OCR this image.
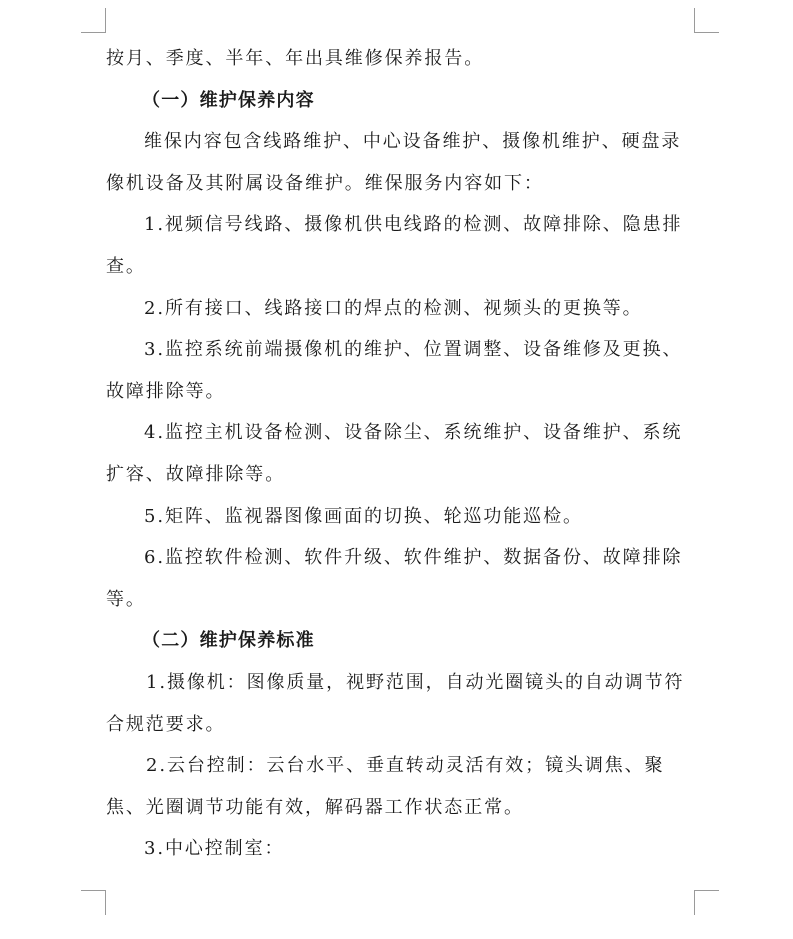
按月、季度、半年、年出具维修保养报告。

（一）维护保养内容

维保内容包含线路维护、中心设备维护、摄像机维护、硬盘录像机设备及其附属设备维护。维保服务内容如下：

1.视频信号线路、摄像机供电线路的检测、故障排除、隐患排查。

2.所有接口、线路接口的焊点的检测、视频头的更换等。

3.监控系统前端摄像机的维护、位置调整、设备维修及更换、故障排除等。

4.监控主机设备检测、设备除尘、系统维护、设备维护、系统扩容、故障排除等。

5.矩阵、监视器图像画面的切换、轮巡功能巡检。

6.监控软件检测、软件升级、软件维护、数据备份、故障排除等。

（二）维护保养标准

1.摄像机：图像质量，视野范围，自动光圈镜头的自动调节符合规范要求。

2.云台控制：云台水平、垂直转动灵活有效；镜头调焦、聚焦、光圈调节功能有效，解码器工作状态正常。

3.中心控制室：
